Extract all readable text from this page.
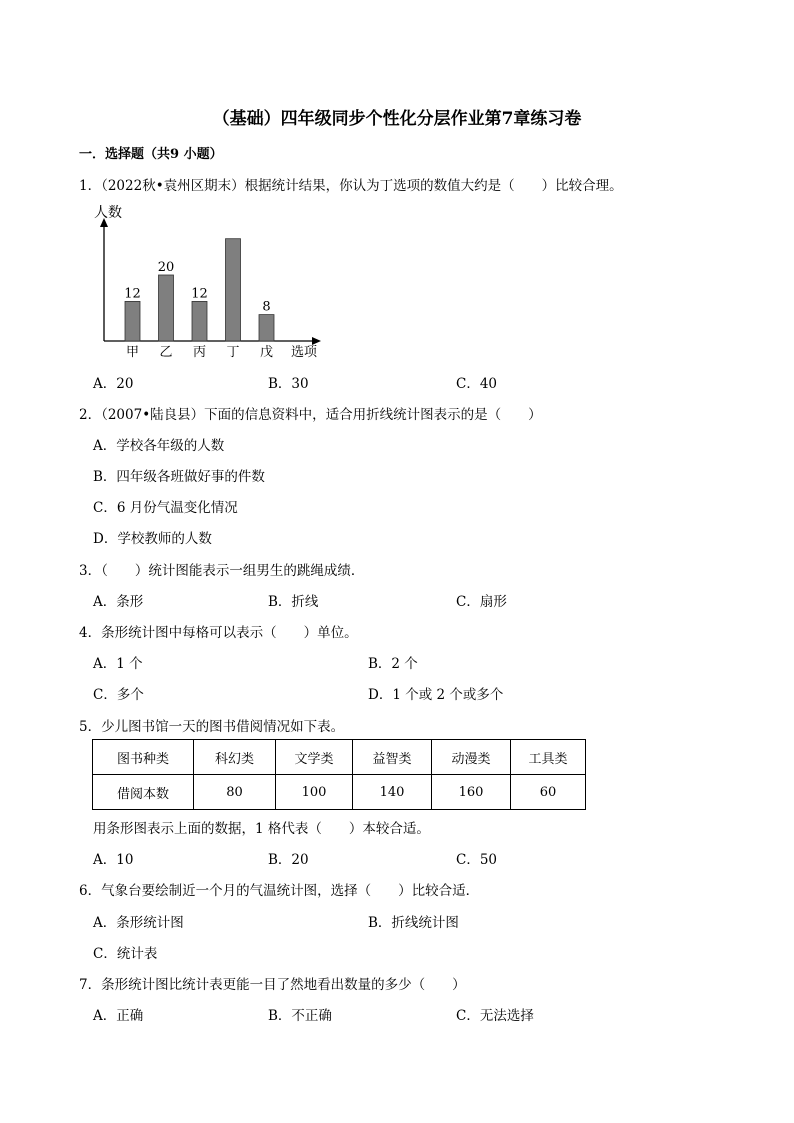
（基础）四年级同步个性化分层作业第7章练习卷
一．选择题（共9 小题）
1．（2022秋•袁州区期末）根据统计结果，你认为丁选项的数值大约是（　　）比较合理。
人数
选项
甲
12
乙
20
丙
12
丁 戊
8
A．20	B．30	C．40
2．（2007•陆良县）下面的信息资料中，适合用折线统计图表示的是（　　）
A．学校各年级的人数
B．四年级各班做好事的件数
C．6 月份气温变化情况
D．学校教师的人数
3．（　　）统计图能表示一组男生的跳绳成绩．
A．条形	B．折线	C．扇形
4．条形统计图中每格可以表示（　　）单位。
A．1 个	B．2 个
C．多个	D．1 个或 2 个或多个
5．少儿图书馆一天的图书借阅情况如下表。
图书种类	科幻类	文学类	益智类	动漫类	工具类
借阅本数	80	100	140	160	60
用条形图表示上面的数据，1 格代表（　　）本较合适。
A．10	B．20	C．50
6．气象台要绘制近一个月的气温统计图，选择（　　）比较合适．
A．条形统计图	B．折线统计图
C．统计表
7．条形统计图比统计表更能一目了然地看出数量的多少（　　）
A．正确	B．不正确	C．无法选择
